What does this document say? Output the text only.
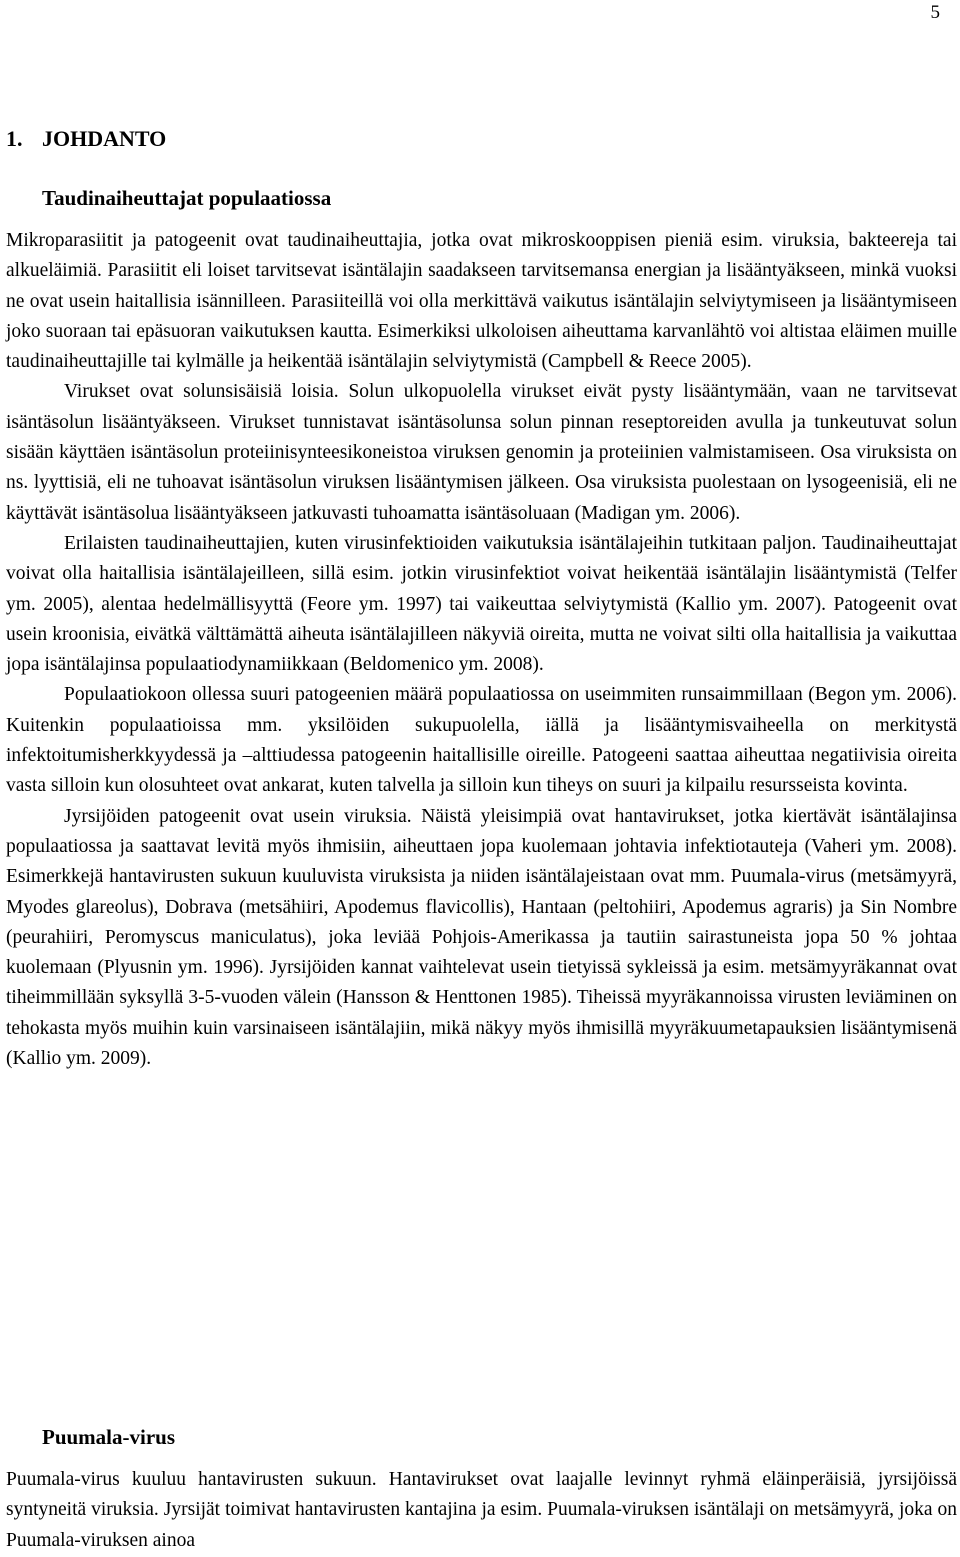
5
1. JOHDANTO
Taudinaiheuttajat populaatiossa

Mikroparasiitit ja patogeenit ovat taudinaiheuttajia, jotka ovat mikroskooppisen pieniä esim. viruksia, bakteereja tai alkueläimiä. Parasiitit eli loiset tarvitsevat isäntälajin saadakseen tarvitsemansa energian ja lisääntyäkseen, minkä vuoksi ne ovat usein haitallisia isännilleen. Parasiiteillä voi olla merkittävä vaikutus isäntälajin selviytymiseen ja lisääntymiseen joko suoraan tai epäsuoran vaikutuksen kautta. Esimerkiksi ulkoloisen aiheuttama karvanlähtö voi altistaa eläimen muille taudinaiheuttajille tai kylmälle ja heikentää isäntälajin selviytymistä (Campbell & Reece 2005).

Virukset ovat solunsisäisiä loisia. Solun ulkopuolella virukset eivät pysty lisääntymään, vaan ne tarvitsevat isäntäsolun lisääntyäkseen. Virukset tunnistavat isäntäsolunsa solun pinnan reseptoreiden avulla ja tunkeutuvat solun sisään käyttäen isäntäsolun proteiinisynteesikoneistoa viruksen genomin ja proteiinien valmistamiseen. Osa viruksista on ns. lyyttisiä, eli ne tuhoavat isäntäsolun viruksen lisääntymisen jälkeen. Osa viruksista puolestaan on lysogeenisiä, eli ne käyttävät isäntäsolua lisääntyäkseen jatkuvasti tuhoamatta isäntäsoluaan (Madigan ym. 2006).

Erilaisten taudinaiheuttajien, kuten virusinfektioiden vaikutuksia isäntälajeihin tutkitaan paljon. Taudinaiheuttajat voivat olla haitallisia isäntälajeilleen, sillä esim. jotkin virusinfektiot voivat heikentää isäntälajin lisääntymistä (Telfer ym. 2005), alentaa hedelmällisyyttä (Feore ym. 1997) tai vaikeuttaa selviytymistä (Kallio ym. 2007). Patogeenit ovat usein kroonisia, eivätkä välttämättä aiheuta isäntälajilleen näkyviä oireita, mutta ne voivat silti olla haitallisia ja vaikuttaa jopa isäntälajinsa populaatiodynamiikkaan (Beldomenico ym. 2008).

Populaatiokoon ollessa suuri patogeenien määrä populaatiossa on useimmiten runsaimmillaan (Begon ym. 2006). Kuitenkin populaatioissa mm. yksilöiden sukupuolella, iällä ja lisääntymisvaiheella on merkitystä infektoitumisherkkyydessä ja –alttiudessa patogeenin haitallisille oireille. Patogeeni saattaa aiheuttaa negatiivisia oireita vasta silloin kun olosuhteet ovat ankarat, kuten talvella ja silloin kun tiheys on suuri ja kilpailu resursseista kovinta.

Jyrsijöiden patogeenit ovat usein viruksia. Näistä yleisimpiä ovat hantavirukset, jotka kiertävät isäntälajinsa populaatiossa ja saattavat levitä myös ihmisiin, aiheuttaen jopa kuolemaan johtavia infektiotauteja (Vaheri ym. 2008). Esimerkkejä hantavirusten sukuun kuuluvista viruksista ja niiden isäntälajeistaan ovat mm. Puumala-virus (metsämyyrä, Myodes glareolus), Dobrava (metsähiiri, Apodemus flavicollis), Hantaan (peltohiiri, Apodemus agraris) ja Sin Nombre (peurahiiri, Peromyscus maniculatus), joka leviää Pohjois-Amerikassa ja tautiin sairastuneista jopa 50 % johtaa kuolemaan (Plyusnin ym. 1996). Jyrsijöiden kannat vaihtelevat usein tietyissä sykleissä ja esim. metsämyyräkannat ovat tiheimmillään syksyllä 3-5-vuoden välein (Hansson & Henttonen 1985). Tiheissä myyräkannoissa virusten leviäminen on tehokasta myös muihin kuin varsinaiseen isäntälajiin, mikä näkyy myös ihmisillä myyräkuumetapauksien lisääntymisenä (Kallio ym. 2009).

Puumala-virus

Puumala-virus kuuluu hantavirusten sukuun. Hantavirukset ovat laajalle levinnyt ryhmä eläinperäisiä, jyrsijöissä syntyneitä viruksia. Jyrsijät toimivat hantavirusten kantajina ja esim. Puumala-viruksen isäntälaji on metsämyyrä, joka on Puumala-viruksen ainoa
